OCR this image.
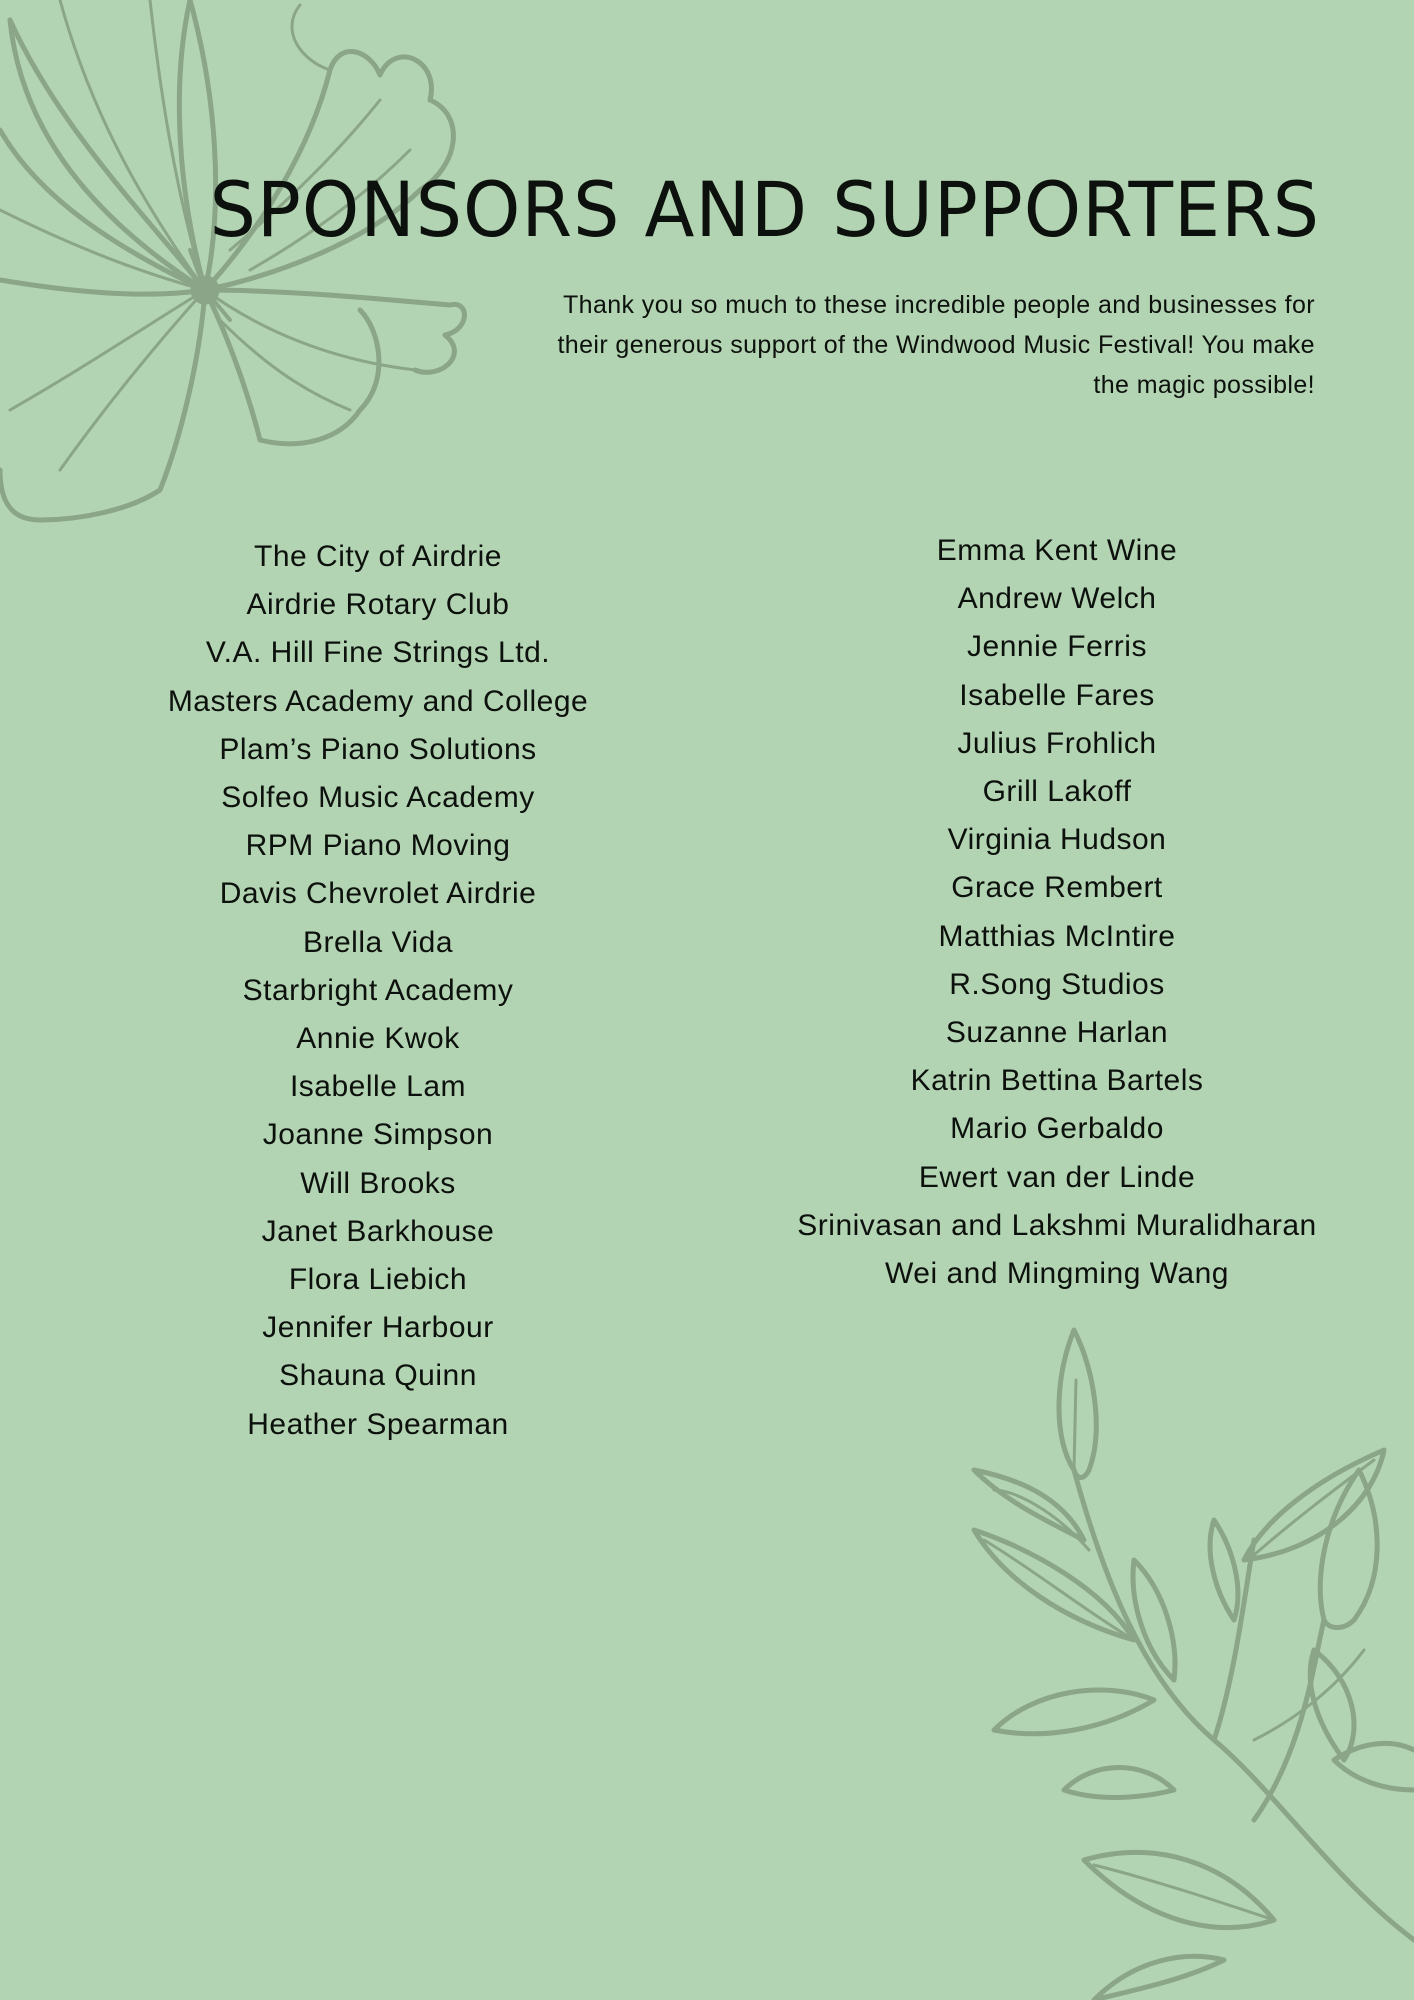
SPONSORS AND SUPPORTERS

Thank you so much to these incredible people and businesses for their generous support of the Windwood Music Festival! You make the magic possible!

The City of Airdrie
Airdrie Rotary Club
V.A. Hill Fine Strings Ltd.
Masters Academy and College
Plam’s Piano Solutions
Solfeo Music Academy
RPM Piano Moving
Davis Chevrolet Airdrie
Brella Vida
Starbright Academy
Annie Kwok
Isabelle Lam
Joanne Simpson
Will Brooks
Janet Barkhouse
Flora Liebich
Jennifer Harbour
Shauna Quinn
Heather Spearman
Emma Kent Wine
Andrew Welch
Jennie Ferris
Isabelle Fares
Julius Frohlich
Grill Lakoff
Virginia Hudson
Grace Rembert
Matthias McIntire
R.Song Studios
Suzanne Harlan
Katrin Bettina Bartels
Mario Gerbaldo
Ewert van der Linde
Srinivasan and Lakshmi Muralidharan
Wei and Mingming Wang
